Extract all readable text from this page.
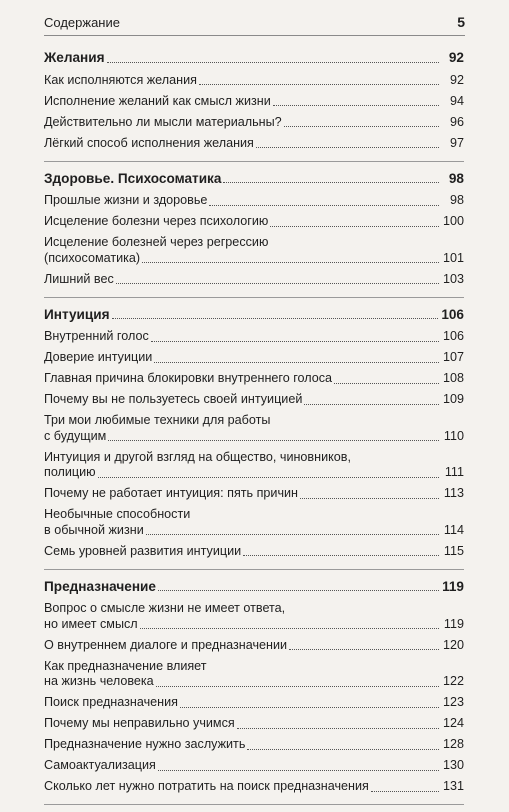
Содержание	5
Желания	92
Как исполняются желания	92
Исполнение желаний как смысл жизни	94
Действительно ли мысли материальны?	96
Лёгкий способ исполнения желания	97
Здоровье. Психосоматика	98
Прошлые жизни и здоровье	98
Исцеление болезни через психологию	100
Исцеление болезней через регрессию
(психосоматика)	101
Лишний вес	103
Интуиция	106
Внутренний голос	106
Доверие интуиции	107
Главная причина блокировки внутреннего голоса	108
Почему вы не пользуетесь своей интуицией	109
Три мои любимые техники для работы
с будущим	110
Интуиция и другой взгляд на общество, чиновников,
полицию	111
Почему не работает интуиция: пять причин	113
Необычные способности
в обычной жизни	114
Семь уровней развития интуиции	115
Предназначение	119
Вопрос о смысле жизни не имеет ответа,
но имеет смысл	119
О внутреннем диалоге и предназначении	120
Как предназначение влияет
на жизнь человека	122
Поиск предназначения	123
Почему мы неправильно учимся	124
Предназначение нужно заслужить	128
Самоактуализация	130
Сколько лет нужно потратить на поиск предназначения	131
